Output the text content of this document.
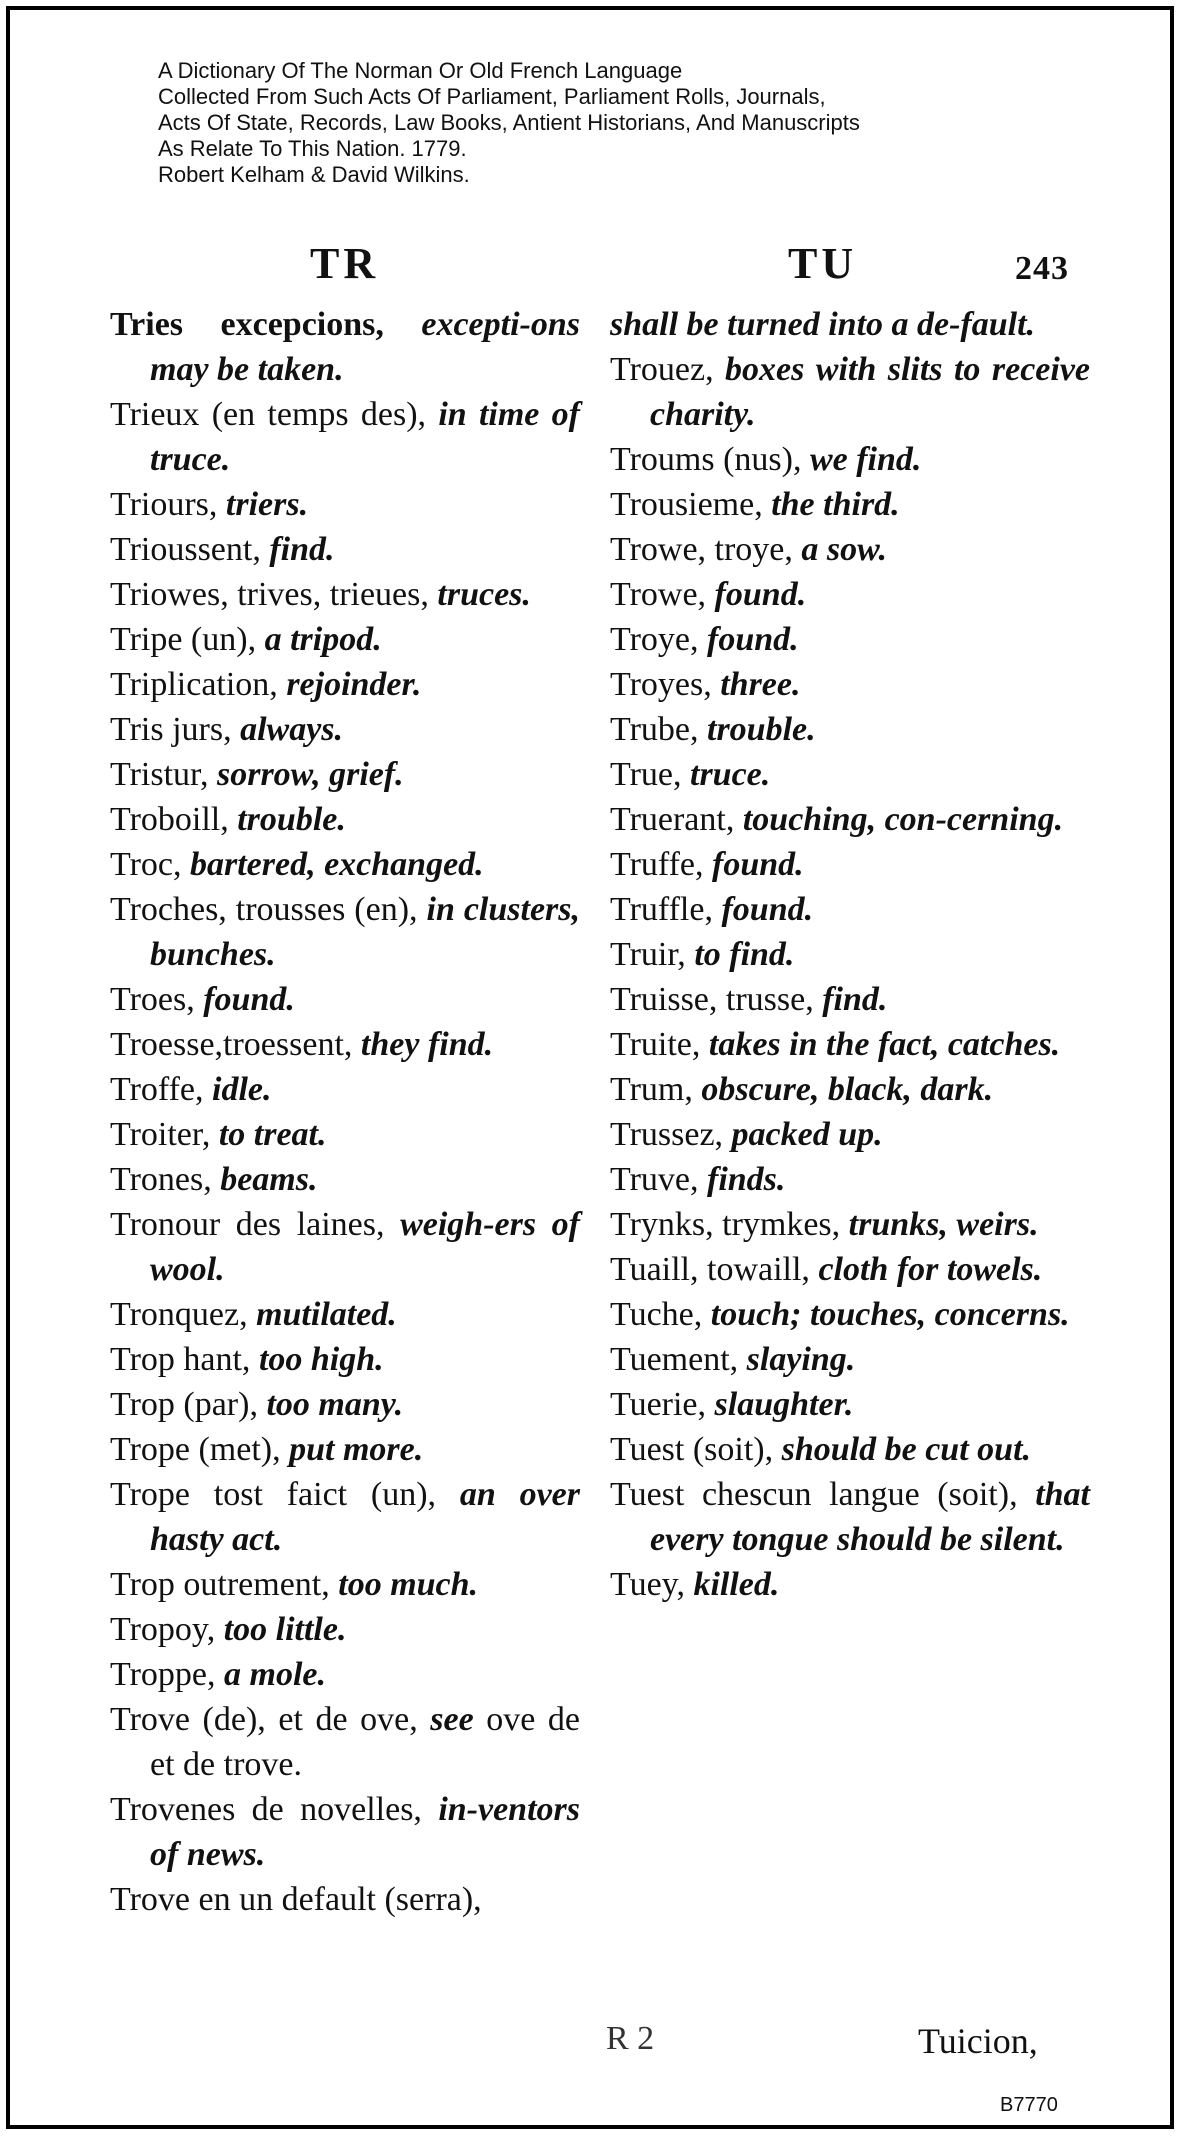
A Dictionary Of The Norman Or Old French Language
Collected From Such Acts Of Parliament, Parliament Rolls, Journals,
Acts Of State, Records, Law Books, Antient Historians, And Manuscripts
As Relate To This Nation. 1779.
Robert Kelham & David Wilkins.
TR	TU	243
Tries excepcions, excepti-ons may be taken.
Trieux (en temps des), in time of truce.
Triours, triers.
Trioussent, find.
Triowes, trives, trieues, truces.
Tripe (un), a tripod.
Triplication, rejoinder.
Tris jurs, always.
Tristur, sorrow, grief.
Troboill, trouble.
Troc, bartered, exchanged.
Troches, trousses (en), in clusters, bunches.
Troes, found.
Troesse,troessent, they find.
Troffe, idle.
Troiter, to treat.
Trones, beams.
Tronour des laines, weigh-ers of wool.
Tronquez, mutilated.
Trop hant, too high.
Trop (par), too many.
Trope (met), put more.
Trope tost faict (un), an over hasty act.
Trop outrement, too much.
Tropoy, too little.
Troppe, a mole.
Trove (de), et de ove, see ove de et de trove.
Trovenes de novelles, in-ventors of news.
Trove en un default (serra),
shall be turned into a de-fault.
Trouez, boxes with slits to receive charity.
Troums (nus), we find.
Trousieme, the third.
Trowe, troye, a sow.
Trowe, found.
Troye, found.
Troyes, three.
Trube, trouble.
True, truce.
Truerant, touching, con-cerning.
Truffe, found.
Truffle, found.
Truir, to find.
Truisse, trusse, find.
Truite, takes in the fact, catches.
Trum, obscure, black, dark.
Trussez, packed up.
Truve, finds.
Trynks, trymkes, trunks, weirs.
Tuaill, towaill, cloth for towels.
Tuche, touch; touches, concerns.
Tuement, slaying.
Tuerie, slaughter.
Tuest (soit), should be cut out.
Tuest chescun langue (soit), that every tongue should be silent.
Tuey, killed.
R 2	Tuicion,
B7770
